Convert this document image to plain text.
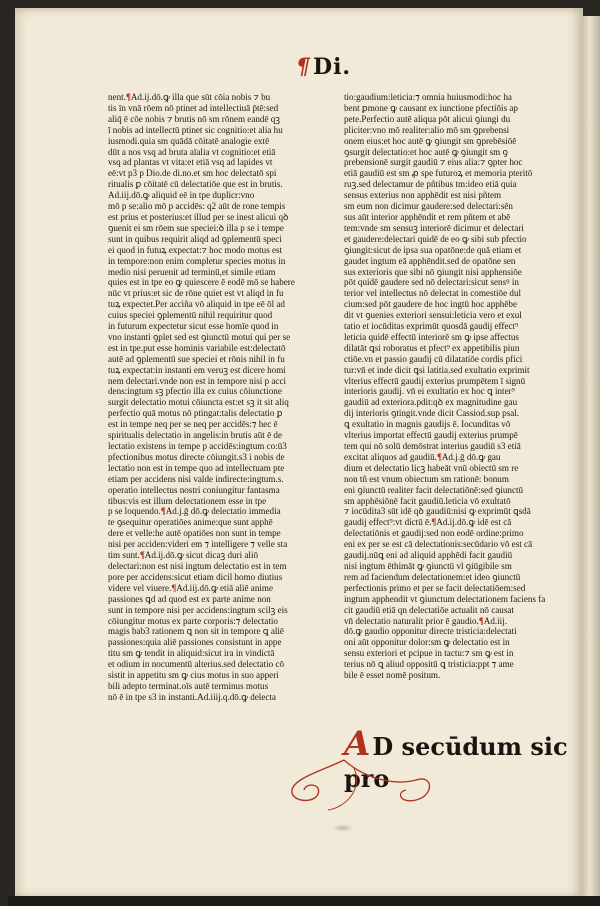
¶Di.

nent.¶Ad.ij.dō.ꝙ illa que sūt cōia nobis ⁊ bu
tis īn vnā rōem nō ptinet ad intellectiuā p̄tē:sed
aliq̄ ē cōe nobis ⁊ brutis nō sm rōnem eandē qꝫ
ī nobis ad intellectū ptinet sic cognitio:et alia hu
iusmodi.quia sm quādā cōitatē analogie extē
dūt a nos vsq ad bruta aīalia vt cognitio:et etiā
vsq ad plantas vt vita:et etiā vsq ad lapides vt
eē:vt p3 p Dio.de di.no.et sm hoc delectatō spi
ritualis ꝑ cōitatē cū delectatiōe que est in brutis.
Ad.iij.dō.ꝙ aliquid eē in tpe duplicr:vno
mō p se:alio mō p accidēs: q2 aūt de rone tempis
est prius et posterius:et illud per se inest alicui qꝺ
ꝯuenit ei sm rōem sue speciei:ꝺ illa p se i tempe
sunt in quibus requirit aliqd ad ꝯplementū speci
ei quod in futuꝝ expectat:⁊ hoc modo motus est
in tempore:non enim completur species motus in
medio nisi peruenit ad terminū,et simile etiam
quies est in tpe eo ꝙ quiescere ē eodē mō se habere
nūc vt prius:et sic de rōne quiet est vt aliqd in fu
tuꝝ expectet.Per acciña vō aliquid in tpe eē ōl ad
cuius speciei ꝯplementū nihil requiritur quod
in futurum expectetur sicut esse homīe quod in
vno instanti ꝯplet sed est ꝯiunctū motui qui per se
est in tpe.put esse hominis variabile est:delectatō
autē ad ꝯplementū sue speciei et rōnis nihil in fu
tuꝝ expectat:in instanti em veruꝫ est dicere homi
nem delectari.vnde non est in tempore nisi p acci
dens:ingtum sꝫ pfectio illa ex cuius cōiunctione
surgit delectatio motui cōiuncta est:et sꝫ it sit aliq
perfectio quā motus nō ptingat:talis delectatio ꝑ
est in tempe neq per se neq per accidēs:⁊ hec ē
spiritualis delectatio in angelis:in brutis aūt ē de
lectatio existens in tempe p accidēs:ingtum co:ū3
pfectionibus motus directe cōiungit.s3 i nobis de
lectatio non est in tempe quo ad intellectuam pte
etiam per accidens nisi valde indirecte:ingtum.s.
operatio intellectus nostri coniungitur fantasma
tibus:vis est illum delectationem esse in tpe
p se loquendo.¶Ad.j.ḡ dō.ꝙ delectatio immedia
te ꝯsequitur operatiōes anime:que sunt apphē
dere et velle:he autē opatiōes non sunt in tempe
nisi per acciden:videri em ⁊ intelligere ⁊ velle sta
tim sunt.¶Ad.ij.dō.ꝙ sicut dicaꝫ duri aliō
delectari:non est nisi ingtum delectatio est in tem
pore per accidens:sicut etiam dicil homo diutius
videre vel viuere.¶Ad.iij.dō.ꝙ etiā aliē anime
passiones ꝗd ad quod est ex parte anime non
sunt in tempore nisi per accidens:ingtum scilꝫ eis
cōiungitur motus ex parte corporis:⁊ delectatio
magis bab3 rationem ꝗ non sit in tempore ꝗ aliē
passiones:quia aliē passiones consistunt in appe
titu sm ꝙ tendit in aliquid:sicut ira in vindictā
et odium in nocumentū alterius.sed delectatio cō
sistit in appetitu sm ꝙ cius motus in suo apperi
bili adepto terminat.oīs autē terminus motus
nō ē in tpe s3 in instanti.Ad.iiij.q.dō.ꝙ delecta

tio:gaudium:leticia:⁊ omnia huiusmodi:hoc ha
bent ꝑmone ꝙ causant ex iunctione pfectiōis ap
pete.Perfectio autē aliqua pōt alicui ꝯiungi du
pliciter:vno mō realiter:alio mō sm ꝯprebensi
onem eius:et hoc autē ꝙ ꝯiungit sm ꝯprebēsiōē
ꝯsurgit delectatio:et hoc autē ꝙ ꝯiungit sm ꝯ
prebensionē surgit gaudiū ⁊ eius alia:⁊ ꝯpter hoc
etiā gaudiū est sm ꝓ spe futuroꝝ et memoria pteritō
ruꝫ.sed delectamur de pñtibus tm:ideo etiā quia
sensus exterius non apphēdit est nisi pñtem
sm eum non dicimur gaudere:sed delectari:sēn
sus aūt interior apphēndit et rem pñtem et abē
tem:vnde sm sensuꝫ interiorē dicimur et delectari
et gaudere:delectari quidē de eo ꝙ sibi sub pfectio
ꝯiungit:sicut de ipsa sua opatōne:de quā etiam et
gaudet ingtum eā apphēndit.sed de opatōne sen
sus exterioris que sibi nō ꝯiungit nisi apphensiōe
pōt quidē gaudere sed nō delectari:sicut sensꝰ in
terior vel intellectus nō delectat in comestiōe dul
cium:sed pōt gaudere de hoc ingtū hoc apphēbe
dit vt ꝯuenies exteriori sensui:leticia vero et exul
tatio et iocūditas exprimūt quosdā gaudij effect⁹
leticia quidē effectū interiorē sm ꝙ ipse affectus
dilatāt ꝗsi roboratus et pfect⁹ ex appetibilis piun
ctiōe.vn et passio gaudij cū dilatatiōe cordis pfici
tur:vn̄ et inde dicit ꝗsi latitia.sed exultatio exprimit
vlterius effectū gaudij exterius prumpētem ī signū
interioris gaudij. vn̄ ei exultatio ex hoc ꝗ inter⁹
gaudiū ad exteriora.pdit:qꝺ ex magnitudine gau
dij interioris ꝯtingit.vnde dicit Cassiod.sup psal.
ꝗ exultatio in magnis gaudijs ē. Iocunditas vō
vlterius importat effectū gaudij exterius prumpē
tem qui nō solū demōstrat interius gaudiū s3 etiā
excitat aliquos ad gaudiū.¶Ad.j.ḡ dō.ꝙ gau
dium et delectatio licꝫ habeāt vnū obiectū sm re
non tñ est vnum obiectum sm rationē: bonum
eni ꝯiunctū realiter facit delectatiōnē:sed ꝯiunctū
sm apphēsiōnē facit gaudiū.leticia vō exultatō
⁊ iocūdita3 sūt idē qꝺ gaudiū:nisi ꝙ exprimūt ꝗsdā
gaudij effect⁹:vt dictū ē.¶Ad.ij.dō.ꝙ idē est cā
delectatiōnis et gaudij:sed non eodē ordine:primo
eni ex per se est cā delectationis:secūdario vō est cā
gaudij.nūꝗ eni ad aliquid apphēdi facit gaudiū
nisi ingtum ēthimāt ꝙ ꝯiunctū vl ꝯiūgibile sm
rem ad faciendum delectationem:et ideo ꝯiunctū
perfectionis primo et per se facit delectatiōem:sed
ingtum apphendit vt ꝯiunctum delectationem faciens fa
cit gaudiū etiā qn delectatiōe actualit nō causat
vn̄ delectatio naturalit prior ē gaudio.¶Ad.iij.
dō.ꝙ gaudio opponitur directe tristicia:delectati
oni aūt opponitur dolor:sm ꝙ delectatio est in
sensu exteriori et pcipue in tactu:⁊ sm ꝙ est in
terius nō ꝗ aliud oppositū ꝗ tristicia:ppt ⁊ ame
bile ē esset nomē positum.

AD secūdum sic pro
